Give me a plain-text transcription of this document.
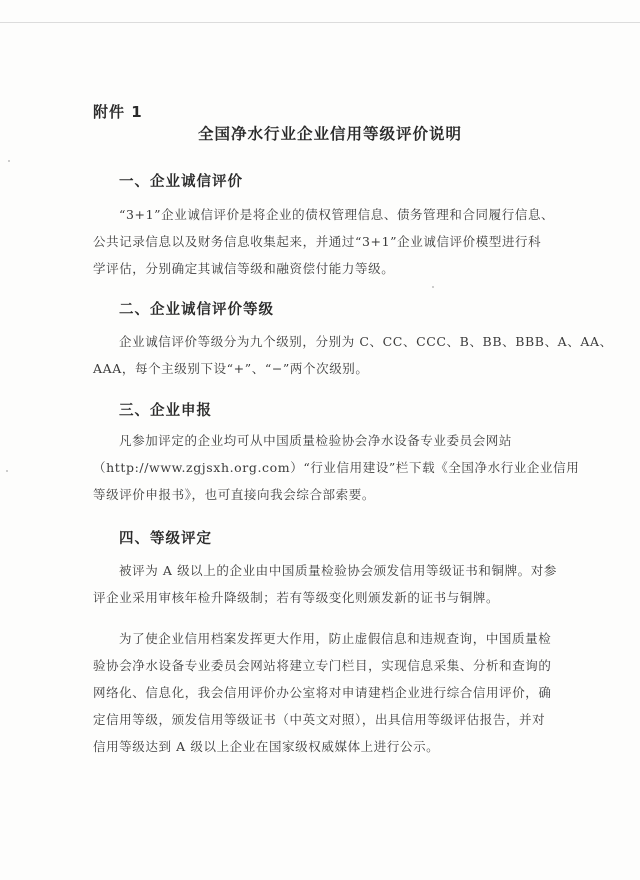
附件 1
全国净水行业企业信用等级评价说明
一、企业诚信评价

“3+1”企业诚信评价是将企业的债权管理信息、债务管理和合同履行信息、
公共记录信息以及财务信息收集起来，并通过“3+1”企业诚信评价模型进行科
学评估，分别确定其诚信等级和融资偿付能力等级。

二、企业诚信评价等级

企业诚信评价等级分为九个级别，分别为 C、CC、CCC、B、BB、BBB、A、AA、
AAA，每个主级别下设“+”、“−”两个次级别。

三、企业申报

凡参加评定的企业均可从中国质量检验协会净水设备专业委员会网站
（http://www.zgjsxh.org.com）“行业信用建设”栏下载《全国净水行业企业信用
等级评价申报书》，也可直接向我会综合部索要。

四、等级评定

被评为 A 级以上的企业由中国质量检验协会颁发信用等级证书和铜牌。对参
评企业采用审核年检升降级制；若有等级变化则颁发新的证书与铜牌。

为了使企业信用档案发挥更大作用，防止虚假信息和违规查询，中国质量检
验协会净水设备专业委员会网站将建立专门栏目，实现信息采集、分析和查询的
网络化、信息化，我会信用评价办公室将对申请建档企业进行综合信用评价，确
定信用等级，颁发信用等级证书（中英文对照），出具信用等级评估报告，并对
信用等级达到 A 级以上企业在国家级权威媒体上进行公示。
